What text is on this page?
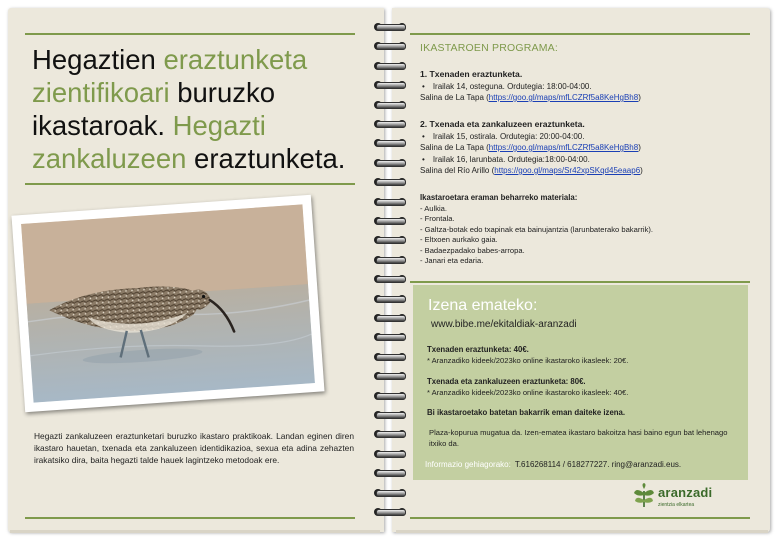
Hegaztien eraztunketa zientifikoari buruzko ikastaroak. Hegazti zankaluzeen eraztunketa.
Hegazti zankaluzeen eraztunketari buruzko ikastaro praktikoak. Landan eginen diren ikastaro hauetan, txenada eta zankaluzeen identidikazioa, sexua eta adina zehazten irakatsiko dira, baita hegazti talde hauek lagintzeko metodoak ere.
IKASTAROEN PROGRAMA:
1. Txenaden eraztunketa.
• Irailak 14, osteguna. Ordutegia: 18:00-04:00.
Salina de La Tapa (https://goo.gl/maps/mfLCZRf5a8KeHgBh8)
2. Txenada eta zankaluzeen eraztunketa.
• Irailak 15, ostirala. Ordutegia: 20:00-04:00.
Salina de La Tapa (https://goo.gl/maps/mfLCZRf5a8KeHgBh8)
• Irailak 16, larunbata. Ordutegia:18:00-04:00.
Salina del Río Arillo (https://goo.gl/maps/Sr42xpSKqd45eaap6)
Ikastaroetara eraman beharreko materiala:
- Aulkia.
- Frontala.
- Galtza-botak edo txapinak eta bainujantzia (larunbaterako bakarrik).
- Eltxoen aurkako gaia.
- Badaezpadako babes-arropa.
- Janari eta edaria.
Izena emateko:
www.bibe.me/ekitaldiak-aranzadi
Txenaden eraztunketa: 40€.
* Aranzadiko kideek/2023ko online ikastaroko ikasleek: 20€.
Txenada eta zankaluzeen eraztunketa: 80€.
* Aranzadiko kideek/2023ko online ikastaroko ikasleek: 40€.
Bi ikastaroetako batetan bakarrik eman daiteke izena.
Plaza-kopurua mugatua da. Izen-ematea ikastaro bakoitza hasi baino egun bat lehenago itxiko da.
Informazio gehiagorako: T.616268114 / 618277227. ring@aranzadi.eus.
aranzadi
zientzia elkartea
